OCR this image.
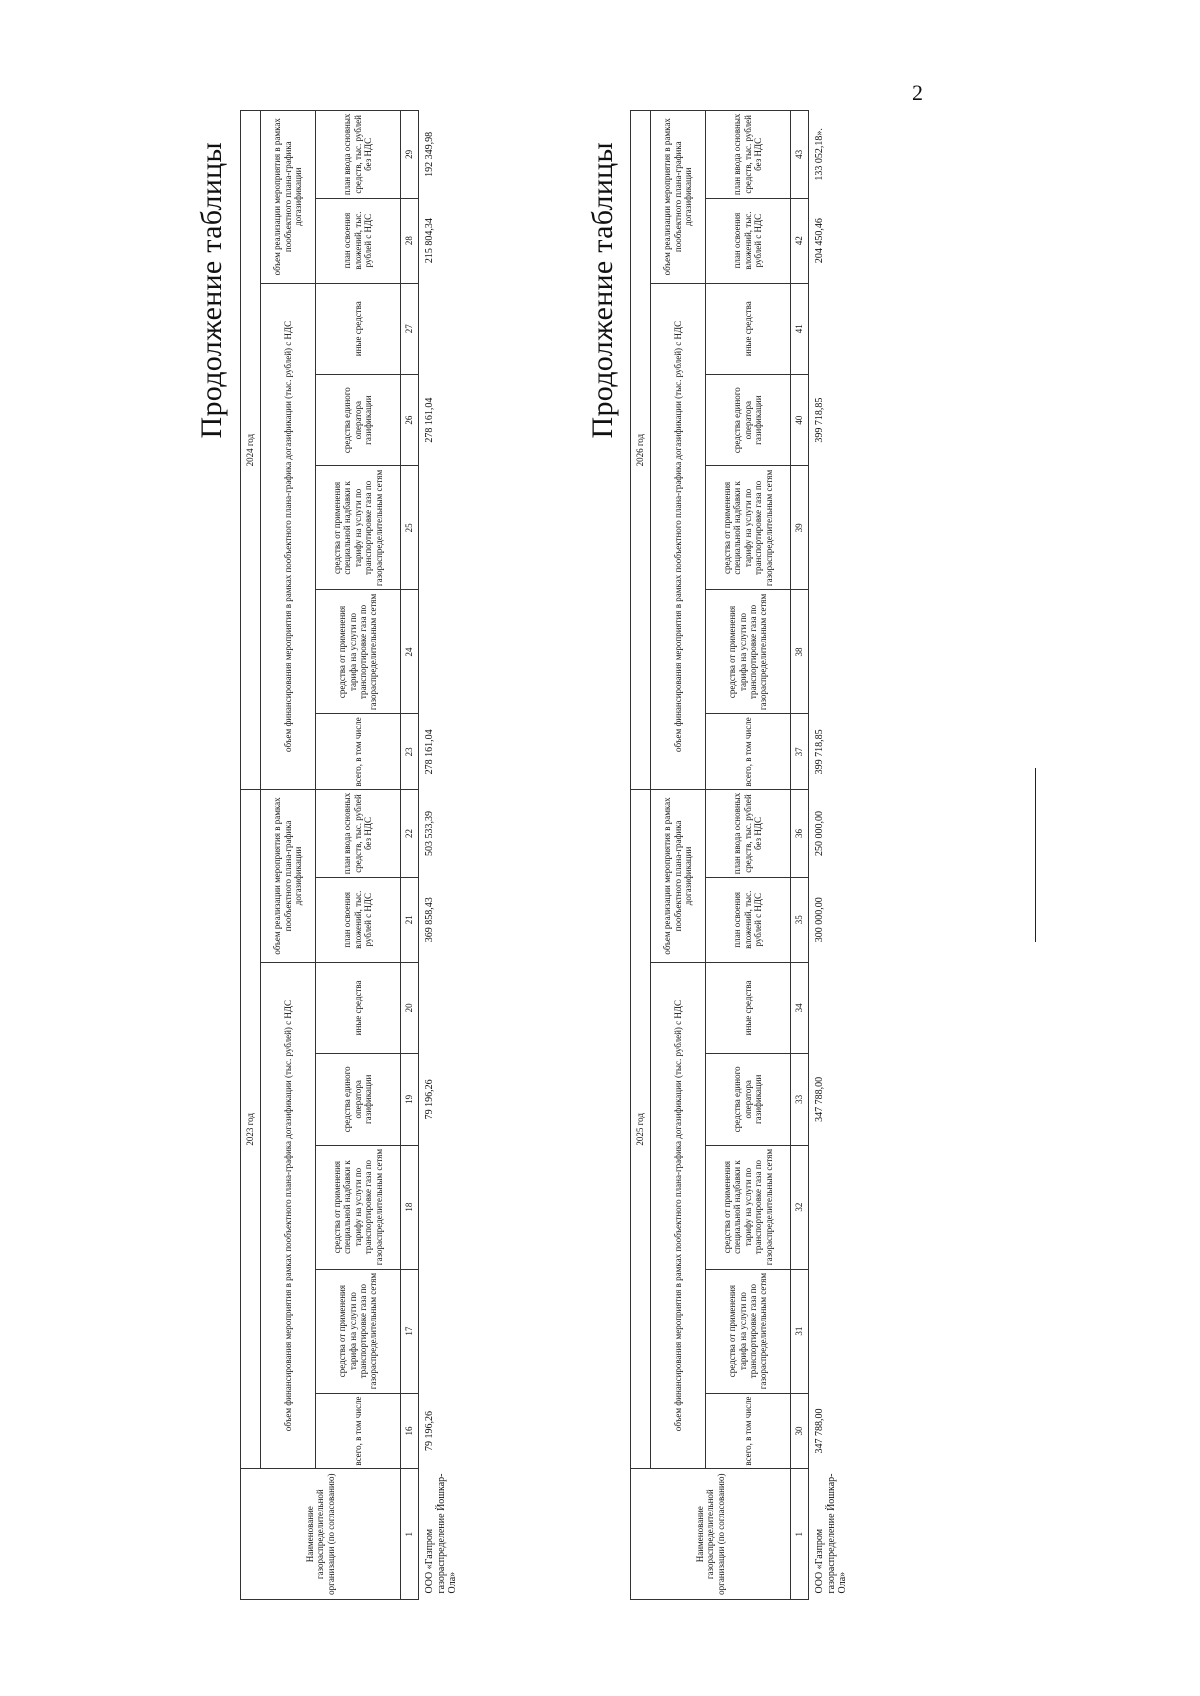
2
Продолжение таблицы	Продолжение таблицы
Наименование газораспределительной организации (по согласованию)	2023 год							2024 год						
	объем финансирования мероприятия в рамках пообъектного плана-графика догазификации (тыс. рублей) с НДС					объем реализации мероприятия в рамках пообъектного плана-графика догазификации		объем финансирования мероприятия в рамках пообъектного плана-графика догазификации (тыс. рублей) с НДС					объем реализации мероприятия в рамках пообъектного плана-графика догазификации	
	всего, в том числе	средства от применения тарифа на услуги по транспортировке газа по газораспределительным сетям	средства от применения специальной надбавки к тарифу на услуги по транспортировке газа по газораспределительным сетям	средства единого оператора газификации	иные средства	план освоения вложений, тыс. рублей с НДС	план ввода основных средств, тыс. рублей без НДС	всего, в том числе	средства от применения тарифа на услуги по транспортировке газа по газораспределительным сетям	средства от применения специальной надбавки к тарифу на услуги по транспортировке газа по газораспределительным сетям	средства единого оператора газификации	иные средства	план освоения вложений, тыс. рублей с НДС	план ввода основных средств, тыс. рублей без НДС
1	16	17	18	19	20	21	22	23	24	25	26	27	28	29
ООО «Газпром газораспределение Йошкар-Ола»	79 196,26			79 196,26		369 858,43	503 533,39	278 161,04			278 161,04		215 804,34	192 349,98
Наименование газораспределительной организации (по согласованию)	2025 год							2026 год						
	объем финансирования мероприятия в рамках пообъектного плана-графика догазификации (тыс. рублей) с НДС					объем реализации мероприятия в рамках пообъектного плана-графика догазификации		объем финансирования мероприятия в рамках пообъектного плана-графика догазификации (тыс. рублей) с НДС					объем реализации мероприятия в рамках пообъектного плана-графика догазификации	
	всего, в том числе	средства от применения тарифа на услуги по транспортировке газа по газораспределительным сетям	средства от применения специальной надбавки к тарифу на услуги по транспортировке газа по газораспределительным сетям	средства единого оператора газификации	иные средства	план освоения вложений, тыс. рублей с НДС	план ввода основных средств, тыс. рублей без НДС	всего, в том числе	средства от применения тарифа на услуги по транспортировке газа по газораспределительным сетям	средства от применения специальной надбавки к тарифу на услуги по транспортировке газа по газораспределительным сетям	средства единого оператора газификации	иные средства	план освоения вложений, тыс. рублей с НДС	план ввода основных средств, тыс. рублей без НДС
1	30	31	32	33	34	35	36	37	38	39	40	41	42	43
ООО «Газпром газораспределение Йошкар-Ола»	347 788,00			347 788,00		300 000,00	250 000,00	399 718,85			399 718,85		204 450,46	133 052,18».
